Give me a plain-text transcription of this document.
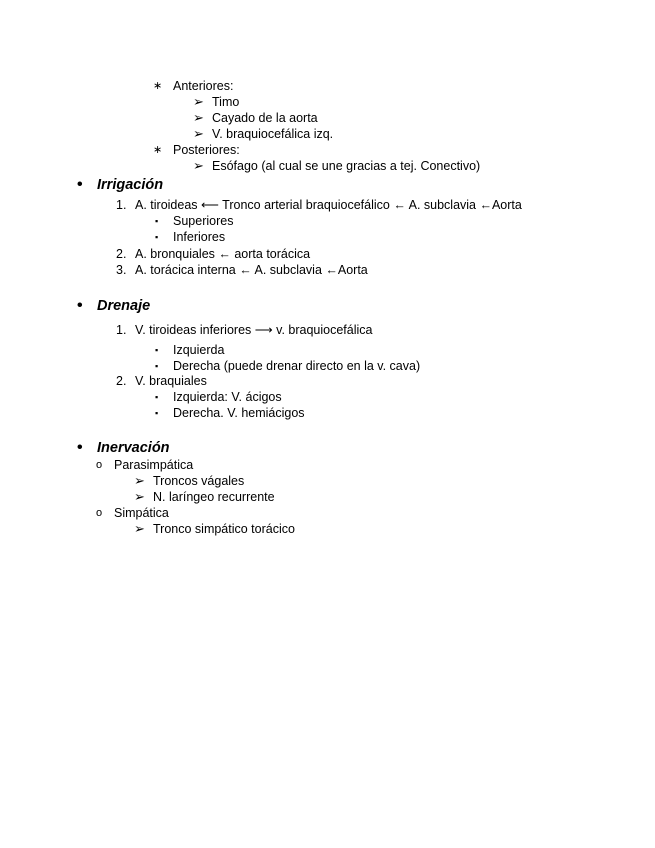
∗ Anteriores:
➢ Timo
➢ Cayado de la aorta
➢ V. braquiocefálica izq.
∗ Posteriores:
➢ Esófago (al cual se une gracias a tej. Conectivo)
• Irrigación
1. A. tiroideas ⟵ Tronco arterial braquiocefálico ← A. subclavia ←Aorta
▪ Superiores
▪ Inferiores
2. A. bronquiales ← aorta torácica
3. A. torácica interna ← A. subclavia ←Aorta
• Drenaje
1. V. tiroideas inferiores ⟶ v. braquiocefálica
▪ Izquierda
▪ Derecha (puede drenar directo en la v. cava)
2. V. braquiales
▪ Izquierda: V. ácigos
▪ Derecha. V. hemiácigos
• Inervación
o Parasimpática
➢ Troncos vágales
➢ N. laríngeo recurrente
o Simpática
➢ Tronco simpático torácico
